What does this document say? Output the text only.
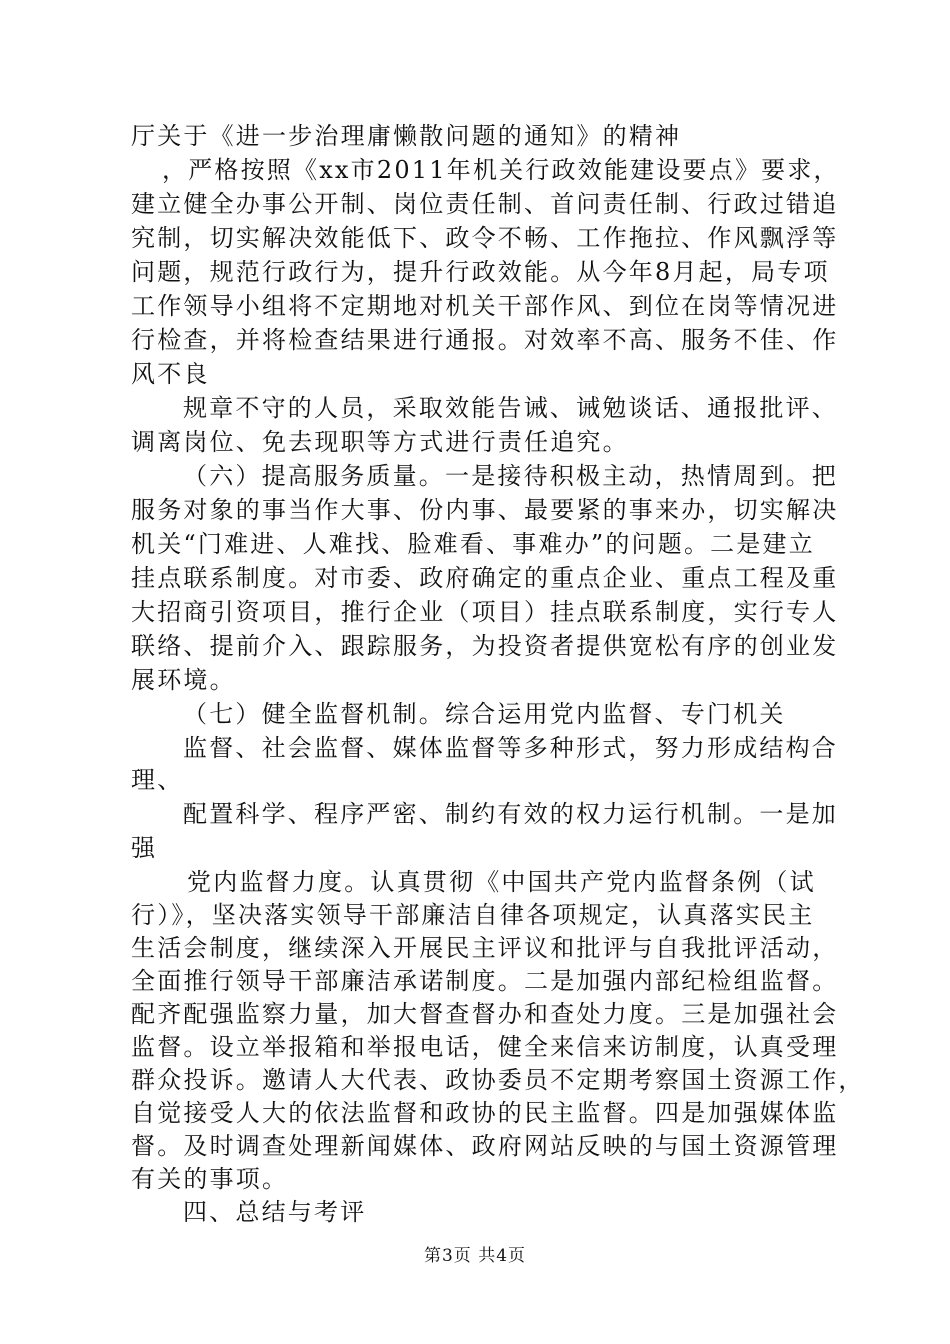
厅关于《进一步治理庸懒散问题的通知》的精神
，严格按照《xx市2011年机关行政效能建设要点》要求，
建立健全办事公开制、岗位责任制、首问责任制、行政过错追
究制，切实解决效能低下、政令不畅、工作拖拉、作风飘浮等
问题，规范行政行为，提升行政效能。从今年8月起，局专项
工作领导小组将不定期地对机关干部作风、到位在岗等情况进
行检查，并将检查结果进行通报。对效率不高、服务不佳、作
风不良
规章不守的人员，采取效能告诫、诫勉谈话、通报批评、
调离岗位、免去现职等方式进行责任追究。
（六）提高服务质量。一是接待积极主动，热情周到。把
服务对象的事当作大事、份内事、最要紧的事来办，切实解决
机关“门难进、人难找、脸难看、事难办”的问题。二是建立
挂点联系制度。对市委、政府确定的重点企业、重点工程及重
大招商引资项目，推行企业（项目）挂点联系制度，实行专人
联络、提前介入、跟踪服务，为投资者提供宽松有序的创业发
展环境。
（七）健全监督机制。综合运用党内监督、专门机关
监督、社会监督、媒体监督等多种形式，努力形成结构合
理、
配置科学、程序严密、制约有效的权力运行机制。一是加
强
党内监督力度。认真贯彻《中国共产党内监督条例（试
行）》，坚决落实领导干部廉洁自律各项规定，认真落实民主
生活会制度，继续深入开展民主评议和批评与自我批评活动，
全面推行领导干部廉洁承诺制度。二是加强内部纪检组监督。
配齐配强监察力量，加大督查督办和查处力度。三是加强社会
监督。设立举报箱和举报电话，健全来信来访制度，认真受理
群众投诉。邀请人大代表、政协委员不定期考察国土资源工作，
自觉接受人大的依法监督和政协的民主监督。四是加强媒体监
督。及时调查处理新闻媒体、政府网站反映的与国土资源管理
有关的事项。
四、总结与考评
第3页 共4页
